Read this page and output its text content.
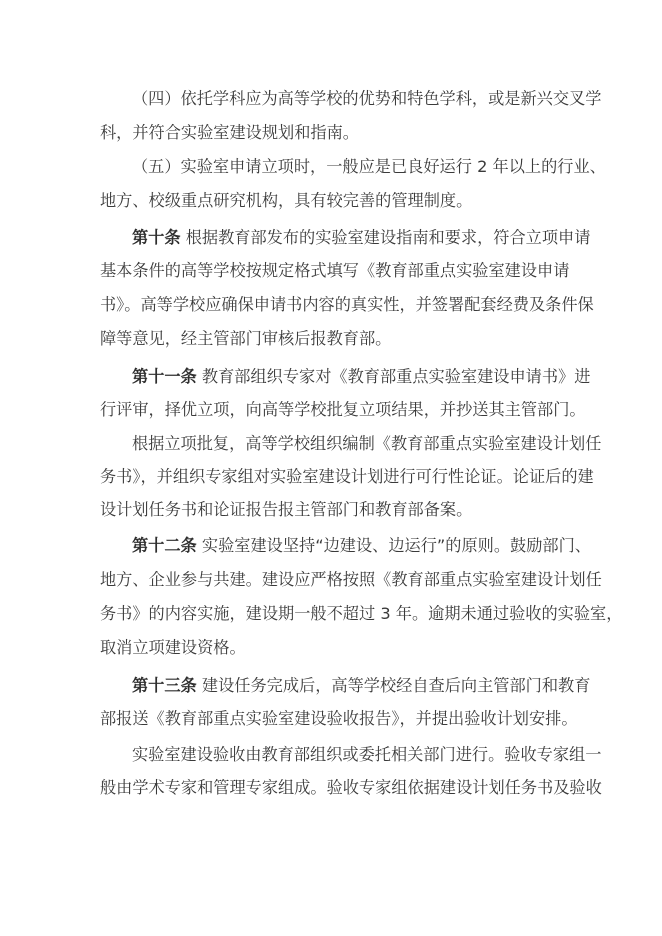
（四）依托学科应为高等学校的优势和特色学科，或是新兴交叉学
科，并符合实验室建设规划和指南。
（五）实验室申请立项时，一般应是已良好运行 2 年以上的行业、
地方、校级重点研究机构，具有较完善的管理制度。
第十条 根据教育部发布的实验室建设指南和要求，符合立项申请
基本条件的高等学校按规定格式填写《教育部重点实验室建设申请
书》。高等学校应确保申请书内容的真实性，并签署配套经费及条件保
障等意见，经主管部门审核后报教育部。
第十一条 教育部组织专家对《教育部重点实验室建设申请书》进
行评审，择优立项，向高等学校批复立项结果，并抄送其主管部门。
根据立项批复，高等学校组织编制《教育部重点实验室建设计划任
务书》，并组织专家组对实验室建设计划进行可行性论证。论证后的建
设计划任务书和论证报告报主管部门和教育部备案。
第十二条 实验室建设坚持“边建设、边运行”的原则。鼓励部门、
地方、企业参与共建。建设应严格按照《教育部重点实验室建设计划任
务书》的内容实施，建设期一般不超过 3 年。逾期未通过验收的实验室，
取消立项建设资格。
第十三条 建设任务完成后，高等学校经自查后向主管部门和教育
部报送《教育部重点实验室建设验收报告》，并提出验收计划安排。
实验室建设验收由教育部组织或委托相关部门进行。验收专家组一
般由学术专家和管理专家组成。验收专家组依据建设计划任务书及验收
